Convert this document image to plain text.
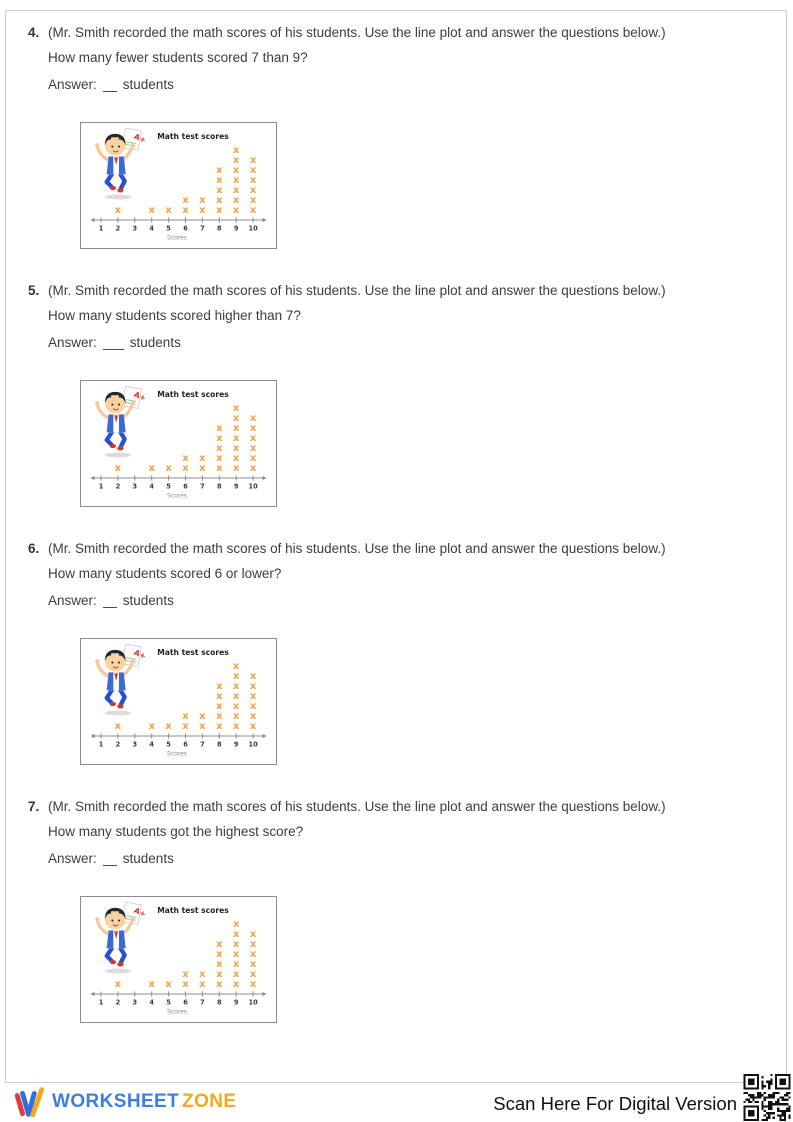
4. (Mr. Smith recorded the math scores of his students. Use the line plot and answer the questions below.)
How many fewer students scored 7 than 9?
Answer: students
Math test scores
1 2
x
3 4
x
5
x
6
x
x
7
x
x
8
x
x
x
x
x
9
x
x
x
x
x
x
x
10
x
x
x
x
x
x
Scores
5. (Mr. Smith recorded the math scores of his students. Use the line plot and answer the questions below.)
How many students scored higher than 7?
Answer: students
Math test scores
1 2
x
3 4
x
5
x
6
x
x
7
x
x
8
x
x
x
x
x
9
x
x
x
x
x
x
x
10
x
x
x
x
x
x
Scores
6. (Mr. Smith recorded the math scores of his students. Use the line plot and answer the questions below.)
How many students scored 6 or lower?
Answer: students
Math test scores
1 2
x
3 4
x
5
x
6
x
x
7
x
x
8
x
x
x
x
x
9
x
x
x
x
x
x
x
10
x
x
x
x
x
x
Scores
7. (Mr. Smith recorded the math scores of his students. Use the line plot and answer the questions below.)
How many students got the highest score?
Answer: students
Math test scores
1 2
x
3 4
x
5
x
6
x
x
7
x
x
8
x
x
x
x
x
9
x
x
x
x
x
x
x
10
x
x
x
x
x
x
Scores
WORKSHEET ZONE	Scan Here For Digital Version
